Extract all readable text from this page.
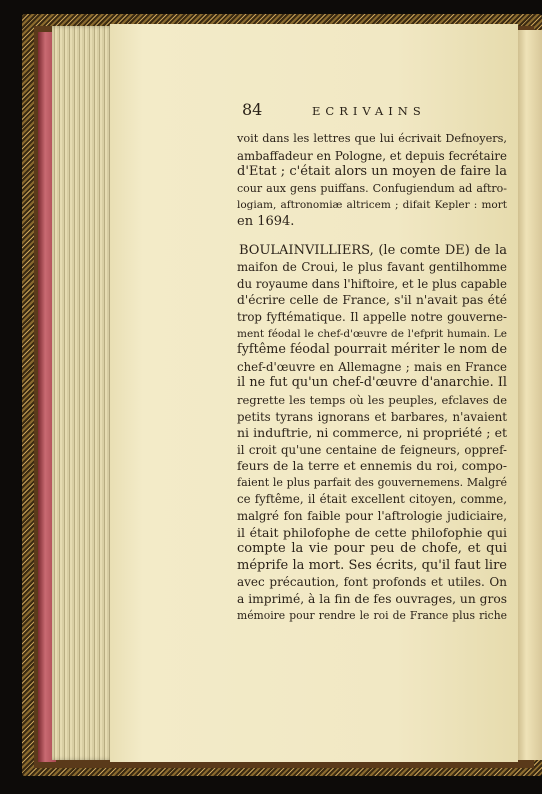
84	ECRIVAINS

voit dans les lettres que lui écrivait Defnoyers,
ambaffadeur en Pologne, et depuis fecrétaire
d'Etat ; c'était alors un moyen de faire la
cour aux gens puiffans. Confugiendum ad aftro-
logiam, aftronomiæ altricem ; difait Kepler : mort
en 1694.

BOULAINVILLIERS, (le comte DE) de la
maifon de Croui, le plus favant gentilhomme
du royaume dans l'hiftoire, et le plus capable
d'écrire celle de France, s'il n'avait pas été
trop fyftématique. Il appelle notre gouverne-
ment féodal le chef-d'œuvre de l'efprit humain. Le
fyftême féodal pourrait mériter le nom de
chef-d'œuvre en Allemagne ; mais en France
il ne fut qu'un chef-d'œuvre d'anarchie. Il
regrette les temps où les peuples, efclaves de
petits tyrans ignorans et barbares, n'avaient
ni induftrie, ni commerce, ni propriété ; et
il croit qu'une centaine de feigneurs, oppref-
feurs de la terre et ennemis du roi, compo-
faient le plus parfait des gouvernemens. Malgré
ce fyftême, il était excellent citoyen, comme,
malgré fon faible pour l'aftrologie judiciaire,
il était philofophe de cette philofophie qui
compte la vie pour peu de chofe, et qui
méprife la mort. Ses écrits, qu'il faut lire
avec précaution, font profonds et utiles. On
a imprimé, à la fin de fes ouvrages, un gros
mémoire pour rendre le roi de France plus riche
